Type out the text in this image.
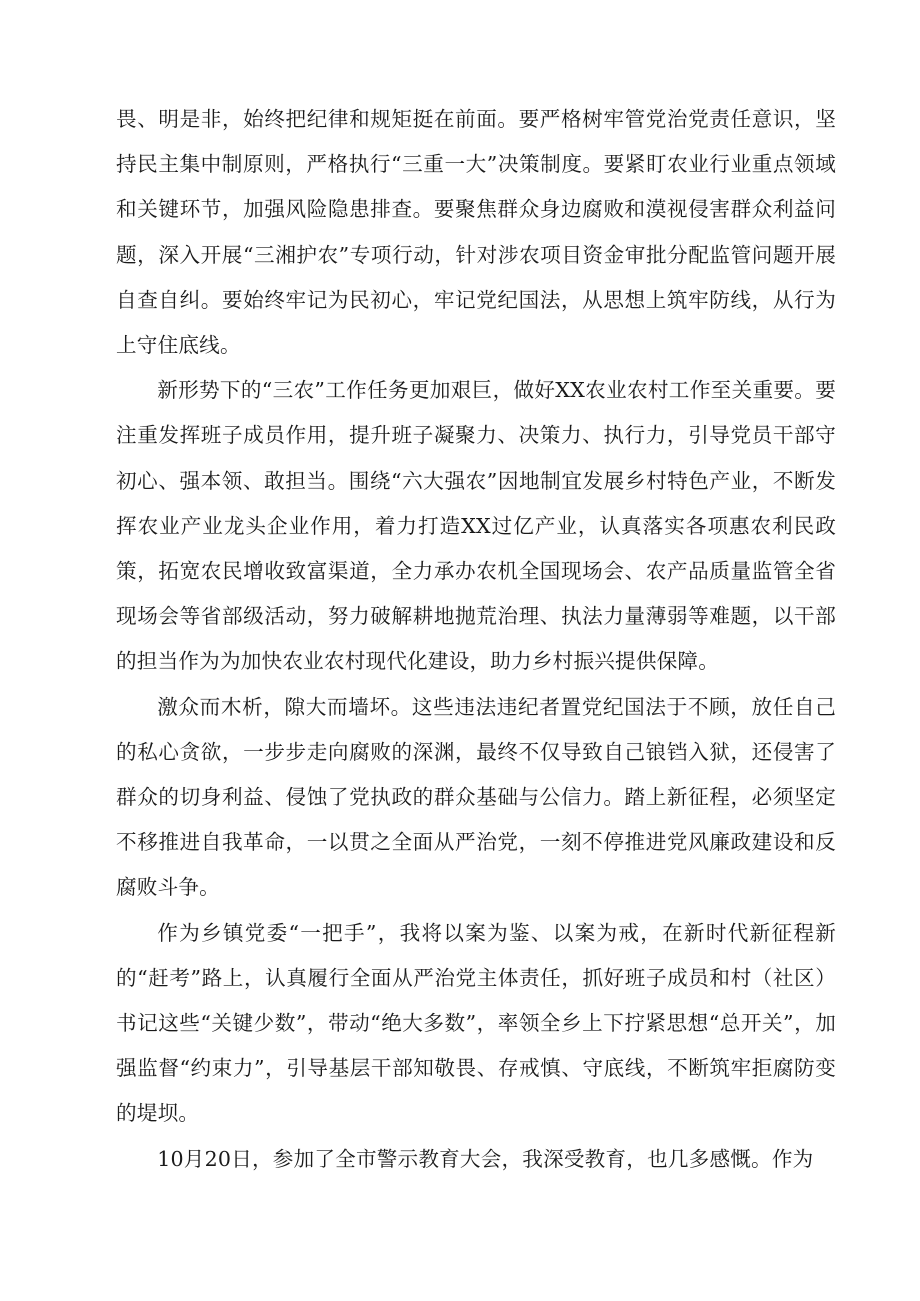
畏、明是非，始终把纪律和规矩挺在前面。要严格树牢管党治党责任意识，坚持民主集中制原则，严格执行“三重一大”决策制度。要紧盯农业行业重点领域和关键环节，加强风险隐患排查。要聚焦群众身边腐败和漠视侵害群众利益问题，深入开展“三湘护农”专项行动，针对涉农项目资金审批分配监管问题开展自查自纠。要始终牢记为民初心，牢记党纪国法，从思想上筑牢防线，从行为上守住底线。

新形势下的“三农”工作任务更加艰巨，做好XX农业农村工作至关重要。要注重发挥班子成员作用，提升班子凝聚力、决策力、执行力，引导党员干部守初心、强本领、敢担当。围绕“六大强农”因地制宜发展乡村特色产业，不断发挥农业产业龙头企业作用，着力打造XX过亿产业，认真落实各项惠农利民政策，拓宽农民增收致富渠道，全力承办农机全国现场会、农产品质量监管全省现场会等省部级活动，努力破解耕地抛荒治理、执法力量薄弱等难题，以干部的担当作为为加快农业农村现代化建设，助力乡村振兴提供保障。

激众而木析，隙大而墙坏。这些违法违纪者置党纪国法于不顾，放任自己的私心贪欲，一步步走向腐败的深渊，最终不仅导致自己锒铛入狱，还侵害了群众的切身利益、侵蚀了党执政的群众基础与公信力。踏上新征程，必须坚定不移推进自我革命，一以贯之全面从严治党，一刻不停推进党风廉政建设和反腐败斗争。

作为乡镇党委“一把手”，我将以案为鉴、以案为戒，在新时代新征程新的“赶考”路上，认真履行全面从严治党主体责任，抓好班子成员和村（社区）书记这些“关键少数”，带动“绝大多数”，率领全乡上下拧紧思想“总开关”，加强监督“约束力”，引导基层干部知敬畏、存戒慎、守底线，不断筑牢拒腐防变的堤坝。

10月20日，参加了全市警示教育大会，我深受教育，也几多感慨。作为
